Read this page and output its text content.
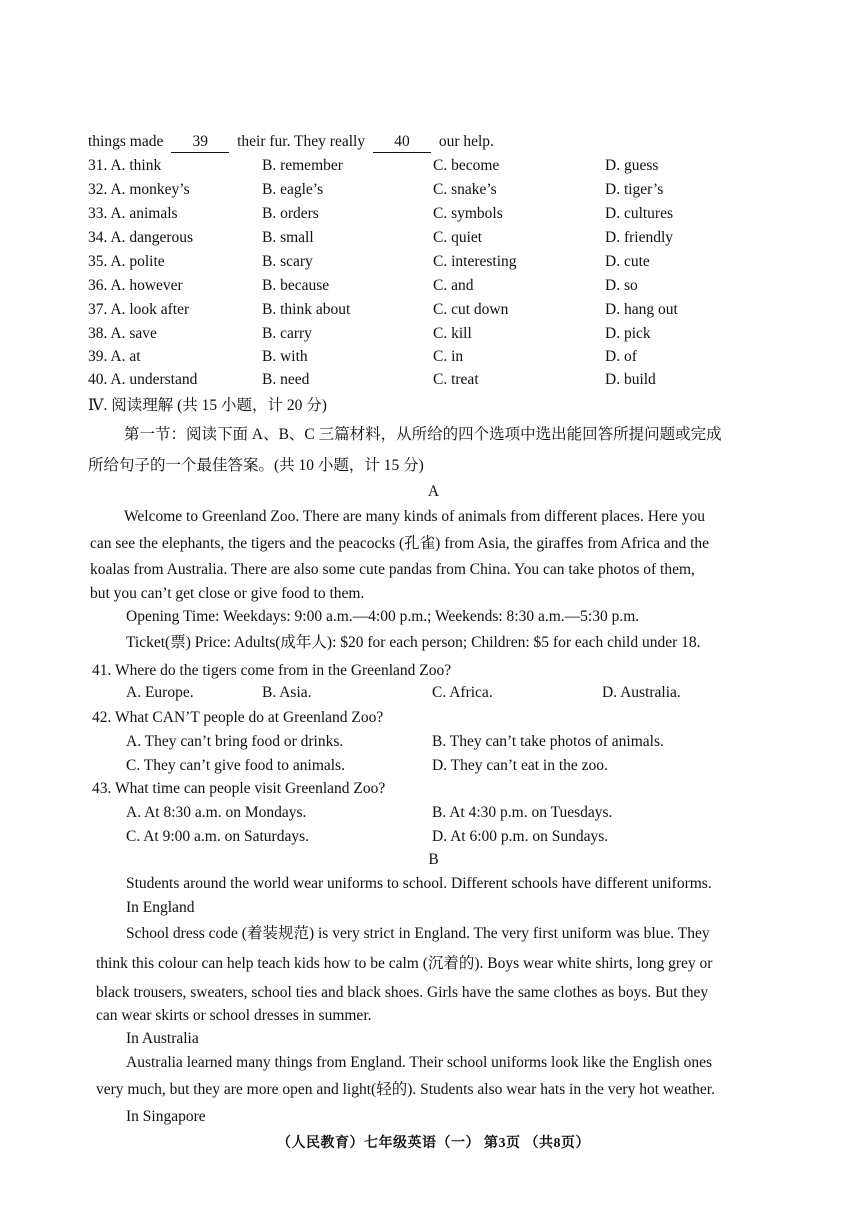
things made 39 their fur. They really 40 our help.
31. A. think	B. remember	C. become	D. guess
32. A. monkey’s	B. eagle’s	C. snake’s	D. tiger’s
33. A. animals	B. orders	C. symbols	D. cultures
34. A. dangerous	B. small	C. quiet	D. friendly
35. A. polite	B. scary	C. interesting	D. cute
36. A. however	B. because	C. and	D. so
37. A. look after	B. think about	C. cut down	D. hang out
38. A. save	B. carry	C. kill	D. pick
39. A. at	B. with	C. in	D. of
40. A. understand	B. need	C. treat	D. build
Ⅳ. 阅读理解 (共 15 小题，计 20 分)
第一节：阅读下面 A、B、C 三篇材料，从所给的四个选项中选出能回答所提问题或完成
所给句子的一个最佳答案。(共 10 小题，计 15 分)
A
Welcome to Greenland Zoo. There are many kinds of animals from different places. Here you
can see the elephants, the tigers and the peacocks (孔雀) from Asia, the giraffes from Africa and the
koalas from Australia. There are also some cute pandas from China. You can take photos of them,
but you can’t get close or give food to them.
Opening Time: Weekdays: 9:00 a.m.—4:00 p.m.; Weekends: 8:30 a.m.—5:30 p.m.
Ticket(票) Price: Adults(成年人): $20 for each person; Children: $5 for each child under 18.
41. Where do the tigers come from in the Greenland Zoo?
A. Europe.	B. Asia.	C. Africa.	D. Australia.
42. What CAN’T people do at Greenland Zoo?
A. They can’t bring food or drinks.	B. They can’t take photos of animals.
C. They can’t give food to animals.	D. They can’t eat in the zoo.
43. What time can people visit Greenland Zoo?
A. At 8:30 a.m. on Mondays.	B. At 4:30 p.m. on Tuesdays.
C. At 9:00 a.m. on Saturdays.	D. At 6:00 p.m. on Sundays.
B
Students around the world wear uniforms to school. Different schools have different uniforms.
In England
School dress code (着装规范) is very strict in England. The very first uniform was blue. They
think this colour can help teach kids how to be calm (沉着的). Boys wear white shirts, long grey or
black trousers, sweaters, school ties and black shoes. Girls have the same clothes as boys. But they
can wear skirts or school dresses in summer.
In Australia
Australia learned many things from England. Their school uniforms look like the English ones
very much, but they are more open and light(轻的). Students also wear hats in the very hot weather.
In Singapore
（人民教育）七年级英语（一） 第3页 （共8页）
